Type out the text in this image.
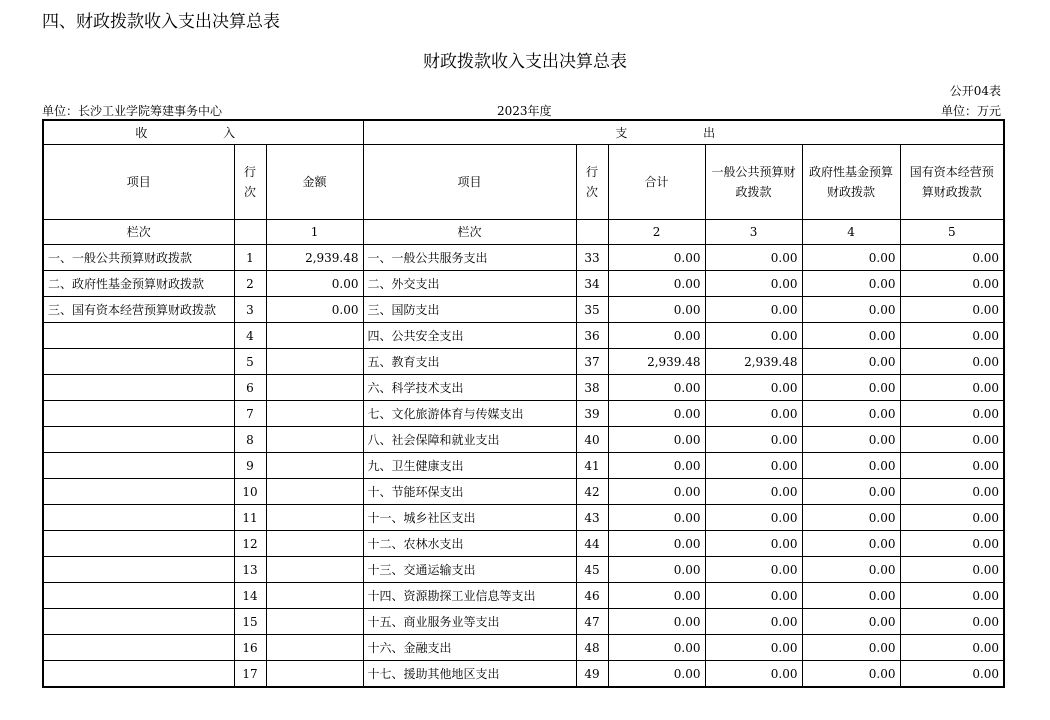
四、财政拨款收入支出决算总表
财政拨款收入支出决算总表
公开04表
单位：长沙工业学院筹建事务中心	2023年度	单位：万元
收 入			支 出					
项目	行次	金额	项目	行次	合计	一般公共预算财政拨款	政府性基金预算财政拨款	国有资本经营预算财政拨款
栏次		1	栏次		2	3	4	5
一、一般公共预算财政拨款	1	2,939.48	一、一般公共服务支出	33	0.00	0.00	0.00	0.00
二、政府性基金预算财政拨款	2	0.00	二、外交支出	34	0.00	0.00	0.00	0.00
三、国有资本经营预算财政拨款	3	0.00	三、国防支出	35	0.00	0.00	0.00	0.00
	4		四、公共安全支出	36	0.00	0.00	0.00	0.00
	5		五、教育支出	37	2,939.48	2,939.48	0.00	0.00
	6		六、科学技术支出	38	0.00	0.00	0.00	0.00
	7		七、文化旅游体育与传媒支出	39	0.00	0.00	0.00	0.00
	8		八、社会保障和就业支出	40	0.00	0.00	0.00	0.00
	9		九、卫生健康支出	41	0.00	0.00	0.00	0.00
	10		十、节能环保支出	42	0.00	0.00	0.00	0.00
	11		十一、城乡社区支出	43	0.00	0.00	0.00	0.00
	12		十二、农林水支出	44	0.00	0.00	0.00	0.00
	13		十三、交通运输支出	45	0.00	0.00	0.00	0.00
	14		十四、资源勘探工业信息等支出	46	0.00	0.00	0.00	0.00
	15		十五、商业服务业等支出	47	0.00	0.00	0.00	0.00
	16		十六、金融支出	48	0.00	0.00	0.00	0.00
	17		十七、援助其他地区支出	49	0.00	0.00	0.00	0.00
